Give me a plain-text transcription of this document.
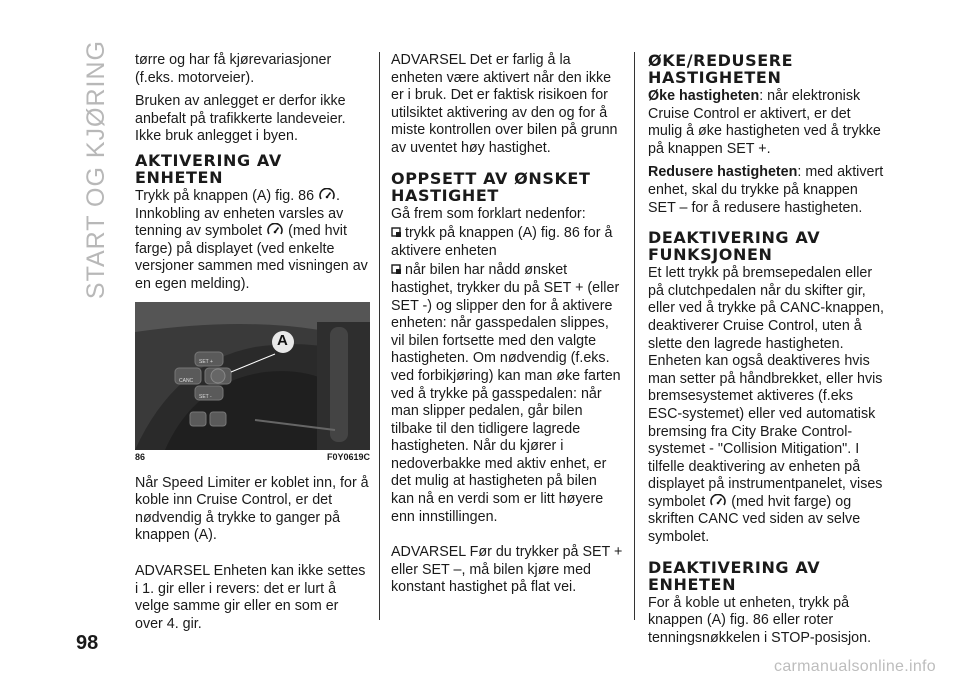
START OG KJØRING tørre og har få kjørevariasjoner (f.eks. motorveier).

Bruken av anlegget er derfor ikke anbefalt på trafikkerte landeveier. Ikke bruk anlegget i byen.

AKTIVERING AV
ENHETEN

Trykk på knappen (A) fig. 86 . Innkobling av enheten varsles av tenning av symbolet (med hvit farge) på displayet (ved enkelte versjoner sammen med visningen av en egen melding).

A
SET +
CANC
SET -
86	F0Y0619C

Når Speed Limiter er koblet inn, for å koble inn Cruise Control, er det nødvendig å trykke to ganger på knappen (A).

ADVARSEL Enheten kan ikke settes i 1. gir eller i revers: det er lurt å velge samme gir eller en som er over 4. gir.

ADVARSEL Det er farlig å la enheten være aktivert når den ikke er i bruk. Det er faktisk risikoen for utilsiktet aktivering av den og for å miste kontrollen over bilen på grunn av uventet høy hastighet.

OPPSETT AV ØNSKET
HASTIGHET

Gå frem som forklart nedenfor:

trykk på knappen (A) fig. 86 for å aktivere enheten

når bilen har nådd ønsket hastighet, trykker du på SET + (eller SET -) og slipper den for å aktivere enheten: når gasspedalen slippes, vil bilen fortsette med den valgte hastigheten. Om nødvendig (f.eks. ved forbikjøring) kan man øke farten ved å trykke på gasspedalen: når man slipper pedalen, går bilen tilbake til den tidligere lagrede hastigheten. Når du kjører i nedoverbakke med aktiv enhet, er det mulig at hastigheten på bilen kan nå en verdi som er litt høyere enn innstillingen.

ADVARSEL Før du trykker på SET + eller SET –, må bilen kjøre med konstant hastighet på flat vei.

ØKE/REDUSERE
HASTIGHETEN

Øke hastigheten: når elektronisk Cruise Control er aktivert, er det mulig å øke hastigheten ved å trykke på knappen SET +.

Redusere hastigheten: med aktivert enhet, skal du trykke på knappen SET – for å redusere hastigheten.

DEAKTIVERING AV
FUNKSJONEN

Et lett trykk på bremsepedalen eller på clutchpedalen når du skifter gir, eller ved å trykke på CANC-knappen, deaktiverer Cruise Control, uten å slette den lagrede hastigheten. Enheten kan også deaktiveres hvis man setter på håndbrekket, eller hvis bremsesystemet aktiveres (f.eks ESC-systemet) eller ved automatisk bremsing fra City Brake Control-systemet - "Collision Mitigation". I tilfelle deaktivering av enheten på displayet på instrumentpanelet, vises symbolet (med hvit farge) og skriften CANC ved siden av selve symbolet.

DEAKTIVERING AV
ENHETEN

For å koble ut enheten, trykk på knappen (A) fig. 86 eller roter tenningsnøkkelen i STOP-posisjon.

98
carmanualsonline.info
